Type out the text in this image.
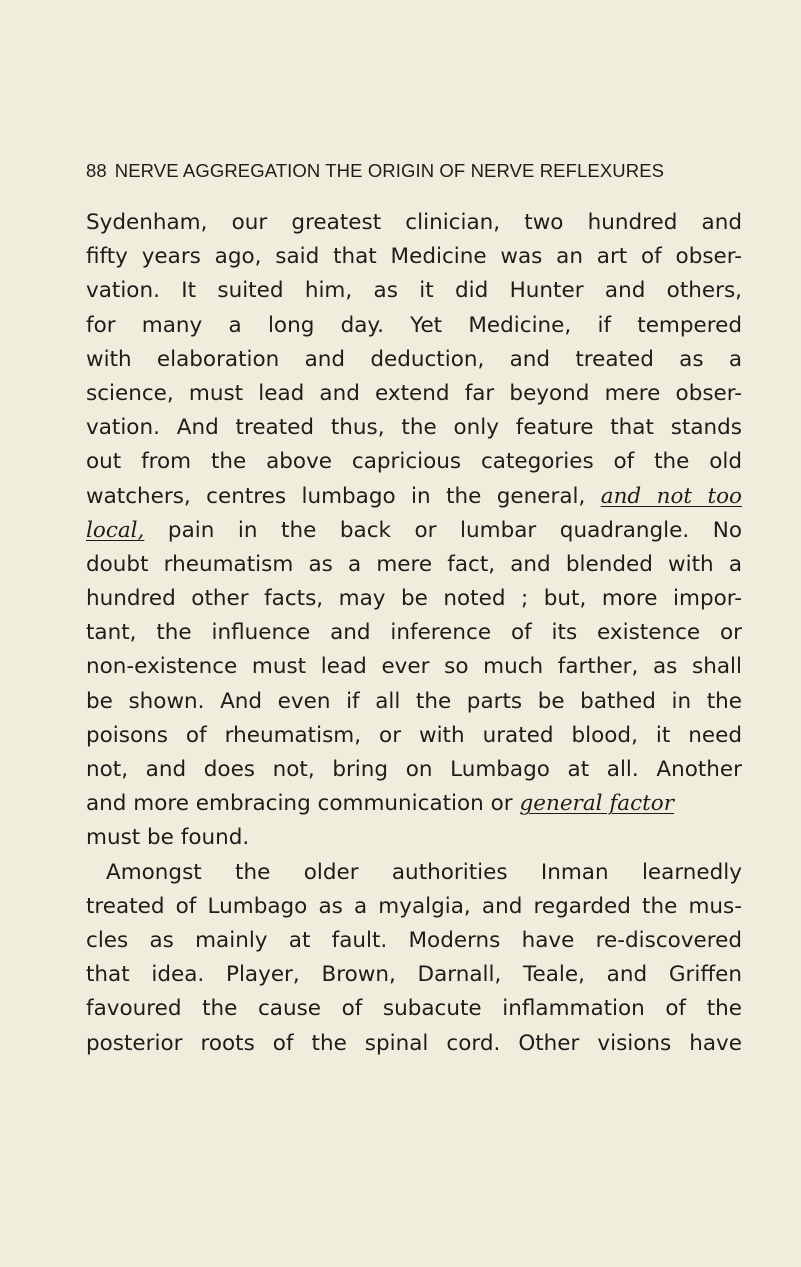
88 NERVE AGGREGATION THE ORIGIN OF NERVE REFLEXURES
Sydenham, our greatest clinician, two hundred and
fifty years ago, said that Medicine was an art of obser-
vation. It suited him, as it did Hunter and others,
for many a long day. Yet Medicine, if tempered
with elaboration and deduction, and treated as a
science, must lead and extend far beyond mere obser-
vation. And treated thus, the only feature that stands
out from the above capricious categories of the old
watchers, centres lumbago in the general, and not too
local, pain in the back or lumbar quadrangle. No
doubt rheumatism as a mere fact, and blended with a
hundred other facts, may be noted ; but, more impor-
tant, the influence and inference of its existence or
non-existence must lead ever so much farther, as shall
be shown. And even if all the parts be bathed in the
poisons of rheumatism, or with urated blood, it need
not, and does not, bring on Lumbago at all. Another
and more embracing communication or general factor
must be found.
Amongst the older authorities Inman learnedly
treated of Lumbago as a myalgia, and regarded the mus-
cles as mainly at fault. Moderns have re-discovered
that idea. Player, Brown, Darnall, Teale, and Griffen
favoured the cause of subacute inflammation of the
posterior roots of the spinal cord. Other visions have
